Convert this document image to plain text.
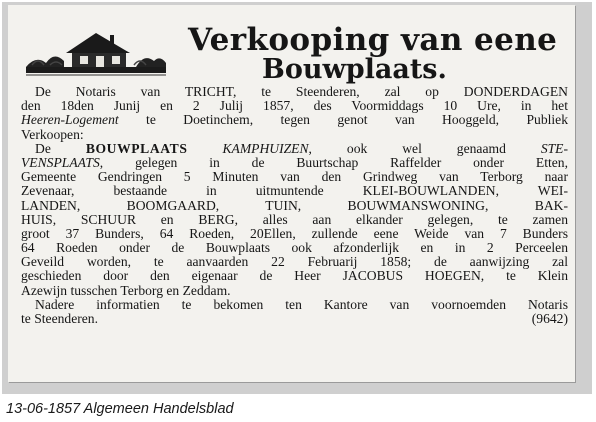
Verkooping van eene
Bouwplaats.
De Notaris van TRICHT, te Steenderen, zal op DONDERDAGEN
den 18den Junij en 2 Julij 1857, des Voormiddags 10 Ure, in het
Heeren-Logement te Doetinchem, tegen genot van Hooggeld, Publiek
Verkoopen:
De BOUWPLAATS	KAMPHUIZEN, ook wel genaamd STE-
VENSPLAATS, gelegen in de Buurtschap Raffelder onder Etten,
Gemeente Gendringen 5 Minuten van den Grindweg van Terborg naar
Zevenaar, bestaande in uitmuntende KLEI-BOUWLANDEN, WEI-
LANDEN, BOOMGAARD, TUIN, BOUWMANSWONING, BAK-
HUIS, SCHUUR en BERG, alles aan elkander gelegen, te zamen
groot 37 Bunders, 64 Roeden, 20Ellen, zullende eene Weide van 7 Bunders
64 Roeden onder de Bouwplaats ook afzonderlijk en in 2 Perceelen
Geveild worden, te aanvaarden 22 Februarij 1858; de aanwijzing zal
geschieden door den eigenaar de Heer JACOBUS HOEGEN, te Klein
Azewijn tusschen Terborg en Zeddam.
Nadere informatien te bekomen ten Kantore van voornoemden Notaris
te Steenderen.	(9642)
13-06-1857 Algemeen Handelsblad
